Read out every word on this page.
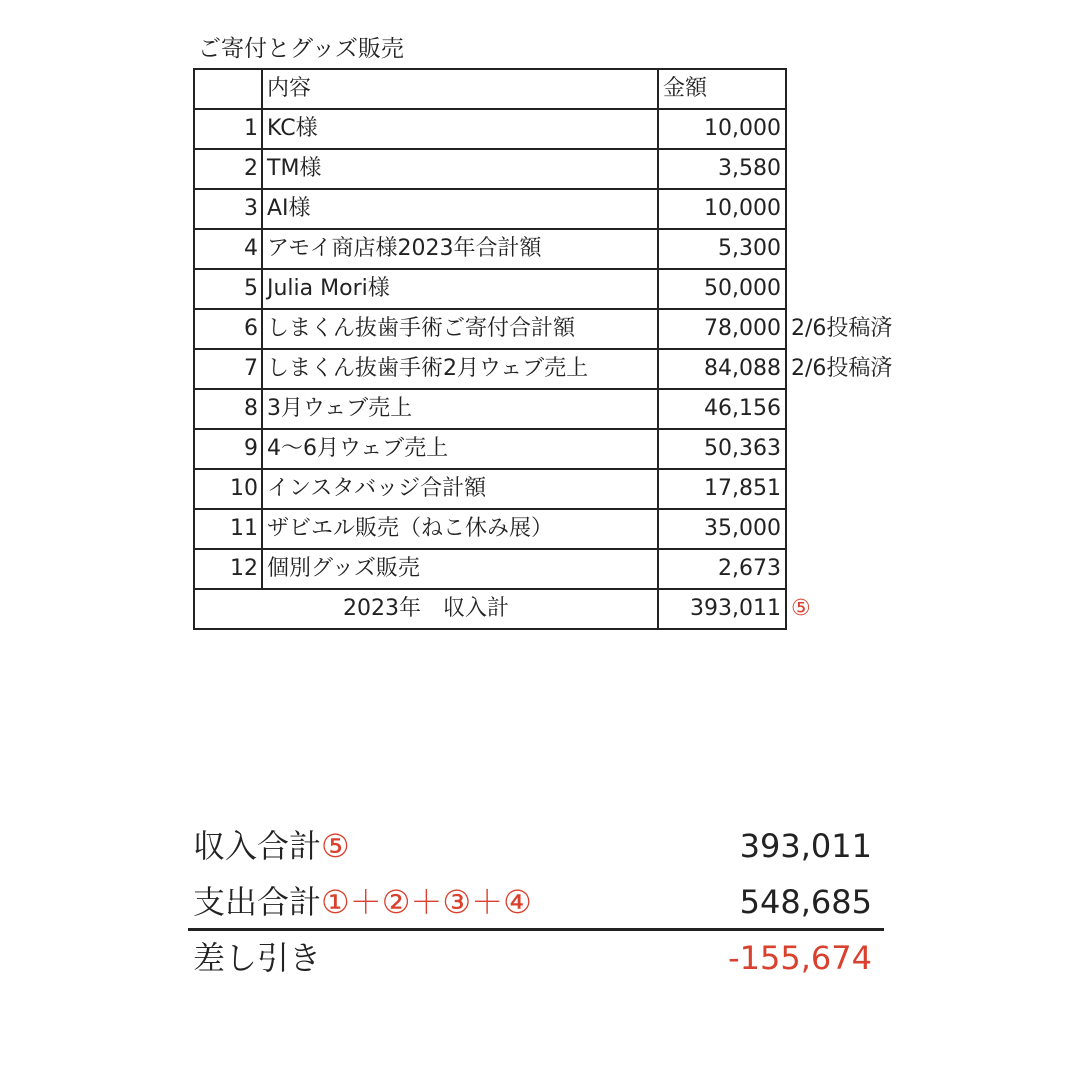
ご寄付とグッズ販売
	内容	金額	
1	KC様	10,000	
2	TM様	3,580	
3	AI様	10,000	
4	アモイ商店様2023年合計額	5,300	
5	Julia Mori様	50,000	
6	しまくん抜歯手術ご寄付合計額	78,000	2/6投稿済
7	しまくん抜歯手術2月ウェブ売上	84,088	2/6投稿済
8	3月ウェブ売上	46,156	
9	4〜6月ウェブ売上	50,363	
10	インスタバッジ合計額	17,851	
11	ザビエル販売（ねこ休み展）	35,000	
12	個別グッズ販売	2,673	
2023年　収入計		393,011	⑤
収入合計⑤	393,011
支出合計①＋②＋③＋④	548,685
差し引き	-155,674
